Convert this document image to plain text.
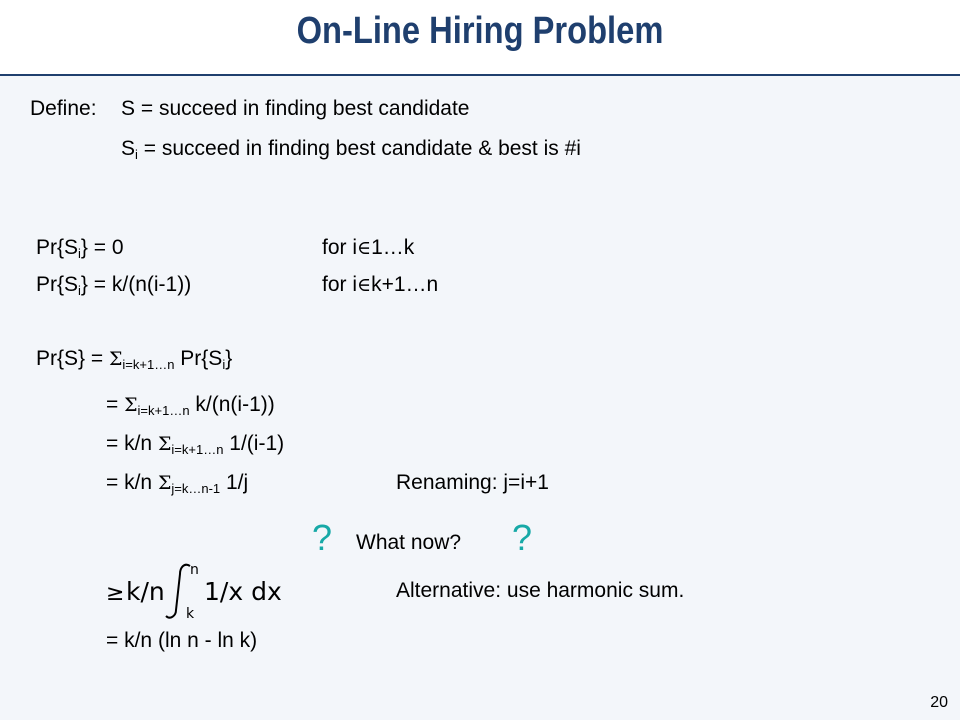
On-Line Hiring Problem
Define: S = succeed in finding best candidate
$S_i$ = succeed in finding best candidate & best is #i
$Pr\{S_i\} = 0$	for i∈1…k
$Pr\{S_i\} = k/(n(i-1))$	for i∈k+1…n
$Pr\{S\} = \Sigma_{i=k+1\dots n}$ $Pr\{S_i\}$
= $\Sigma_{i=k+1\dots n}$ k/(n(i-1))
= k/n $\Sigma_{i=k+1\dots n}$ 1/(i-1)
= k/n $\Sigma_{j=k\dots n-1}$ 1/j	Renaming: j=i+1
? What now? ?
≥ k/n
n
k
1/x dx	Alternative: use harmonic sum.
= k/n (ln n - ln k)
20
